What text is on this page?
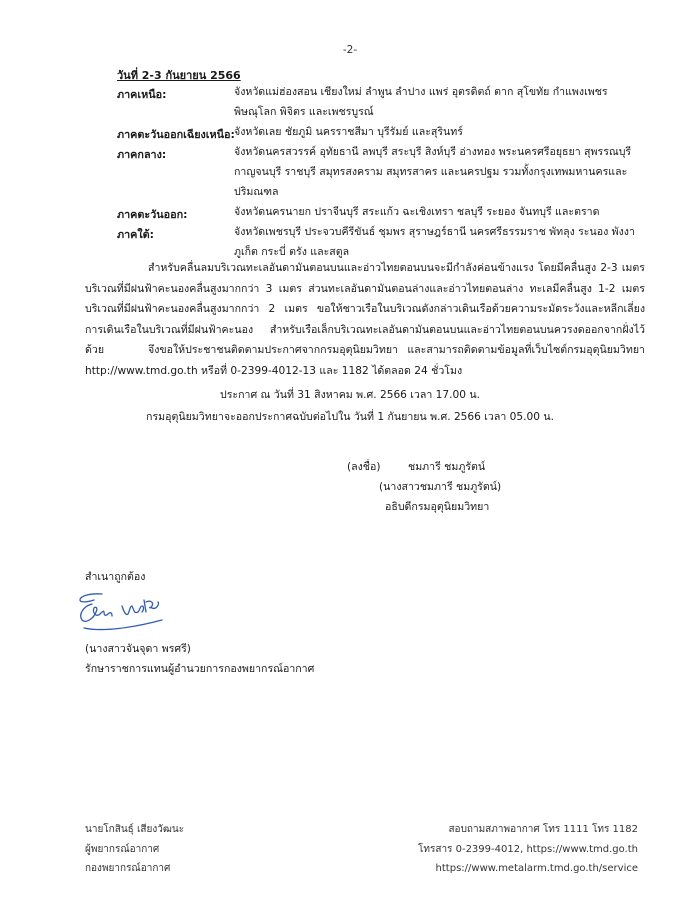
-2-
วันที่ 2-3 กันยายน 2566
ภาคเหนือ:	จังหวัดแม่ฮ่องสอน เชียงใหม่ ลำพูน ลำปาง แพร่ อุตรดิตถ์ ตาก สุโขทัย กำแพงเพชร
พิษณุโลก พิจิตร และเพชรบูรณ์
ภาคตะวันออกเฉียงเหนือ: จังหวัดเลย ชัยภูมิ นครราชสีมา บุรีรัมย์ และสุรินทร์
ภาคกลาง:	จังหวัดนครสวรรค์ อุทัยธานี ลพบุรี สระบุรี สิงห์บุรี อ่างทอง พระนครศรีอยุธยา สุพรรณบุรี
กาญจนบุรี ราชบุรี สมุทรสงคราม สมุทรสาคร และนครปฐม รวมทั้งกรุงเทพมหานครและ
ปริมณฑล
ภาคตะวันออก:	จังหวัดนครนายก ปราจีนบุรี สระแก้ว ฉะเชิงเทรา ชลบุรี ระยอง จันทบุรี และตราด
ภาคใต้:	จังหวัดเพชรบุรี ประจวบคีรีขันธ์ ชุมพร สุราษฎร์ธานี นครศรีธรรมราช พัทลุง ระนอง พังงา
ภูเก็ต กระบี่ ตรัง และสตูล
สำหรับคลื่นลมบริเวณทะเลอันดามันตอนบนและอ่าวไทยตอนบนจะมีกำลังค่อนข้างแรง โดยมีคลื่นสูง 2-3 เมตร บริเวณที่มีฝนฟ้าคะนองคลื่นสูงมากกว่า 3 เมตร ส่วนทะเลอันดามันตอนล่างและอ่าวไทยตอนล่าง ทะเลมีคลื่นสูง 1-2 เมตร บริเวณที่มีฝนฟ้าคะนองคลื่นสูงมากกว่า 2 เมตร ขอให้ชาวเรือในบริเวณดังกล่าวเดินเรือด้วยความระมัดระวังและหลีกเลี่ยงการเดินเรือในบริเวณที่มีฝนฟ้าคะนอง สำหรับเรือเล็กบริเวณทะเลอันดามันตอนบนและอ่าวไทยตอนบนควรงดออกจากฝั่งไว้ด้วย	จึงขอให้ประชาชนติดตามประกาศจากกรมอุตุนิยมวิทยา และสามารถติดตามข้อมูลที่เว็บไซต์กรมอุตุนิยมวิทยา http://www.tmd.go.th หรือที่ 0-2399-4012-13 และ 1182 ได้ตลอด 24 ชั่วโมง
ประกาศ ณ วันที่ 31 สิงหาคม พ.ศ. 2566 เวลา 17.00 น.
กรมอุตุนิยมวิทยาจะออกประกาศฉบับต่อไปใน วันที่ 1 กันยายน พ.ศ. 2566 เวลา 05.00 น.
(ลงชื่อ)	ชมภารี ชมภูรัตน์
(นางสาวชมภารี ชมภูรัตน์)
อธิบดีกรมอุตุนิยมวิทยา
สำเนาถูกต้อง
(นางสาวจันจุดา พรศรี)
รักษาราชการแทนผู้อำนวยการกองพยากรณ์อากาศ
นายโกสินธุ์ เสียงวัฒนะ
ผู้พยากรณ์อากาศ
กองพยากรณ์อากาศ
สอบถามสภาพอากาศ โทร 1111 โทร 1182
โทรสาร 0-2399-4012, https://www.tmd.go.th
https://www.metalarm.tmd.go.th/service
